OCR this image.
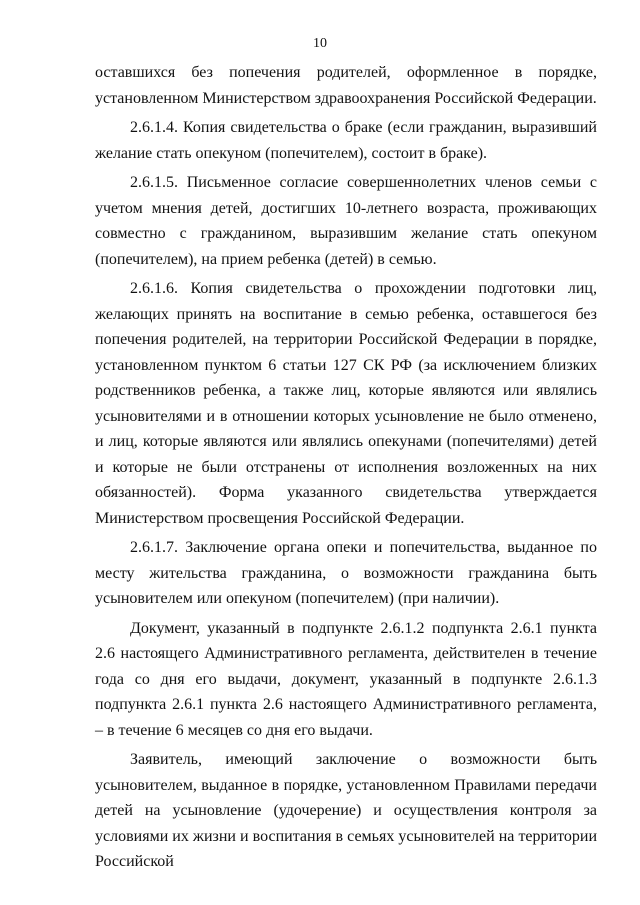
10

оставшихся без попечения родителей, оформленное в порядке, установленном Министерством здравоохранения Российской Федерации.

2.6.1.4. Копия свидетельства о браке (если гражданин, выразивший желание стать опекуном (попечителем), состоит в браке).

2.6.1.5. Письменное согласие совершеннолетних членов семьи с учетом мнения детей, достигших 10-летнего возраста, проживающих совместно с гражданином, выразившим желание стать опекуном (попечителем), на прием ребенка (детей) в семью.

2.6.1.6. Копия свидетельства о прохождении подготовки лиц, желающих принять на воспитание в семью ребенка, оставшегося без попечения родителей, на территории Российской Федерации в порядке, установленном пунктом 6 статьи 127 СК РФ (за исключением близких родственников ребенка, а также лиц, которые являются или являлись усыновителями и в отношении которых усыновление не было отменено, и лиц, которые являются или являлись опекунами (попечителями) детей и которые не были отстранены от исполнения возложенных на них обязанностей). Форма указанного свидетельства утверждается Министерством просвещения Российской Федерации.

2.6.1.7. Заключение органа опеки и попечительства, выданное по месту жительства гражданина, о возможности гражданина быть усыновителем или опекуном (попечителем) (при наличии).

Документ, указанный в подпункте 2.6.1.2 подпункта 2.6.1 пункта 2.6 настоящего Административного регламента, действителен в течение года со дня его выдачи, документ, указанный в подпункте 2.6.1.3 подпункта 2.6.1 пункта 2.6 настоящего Административного регламента, – в течение 6 месяцев со дня его выдачи.

Заявитель, имеющий заключение о возможности быть усыновителем, выданное в порядке, установленном Правилами передачи детей на усыновление (удочерение) и осуществления контроля за условиями их жизни и воспитания в семьях усыновителей на территории Российской
